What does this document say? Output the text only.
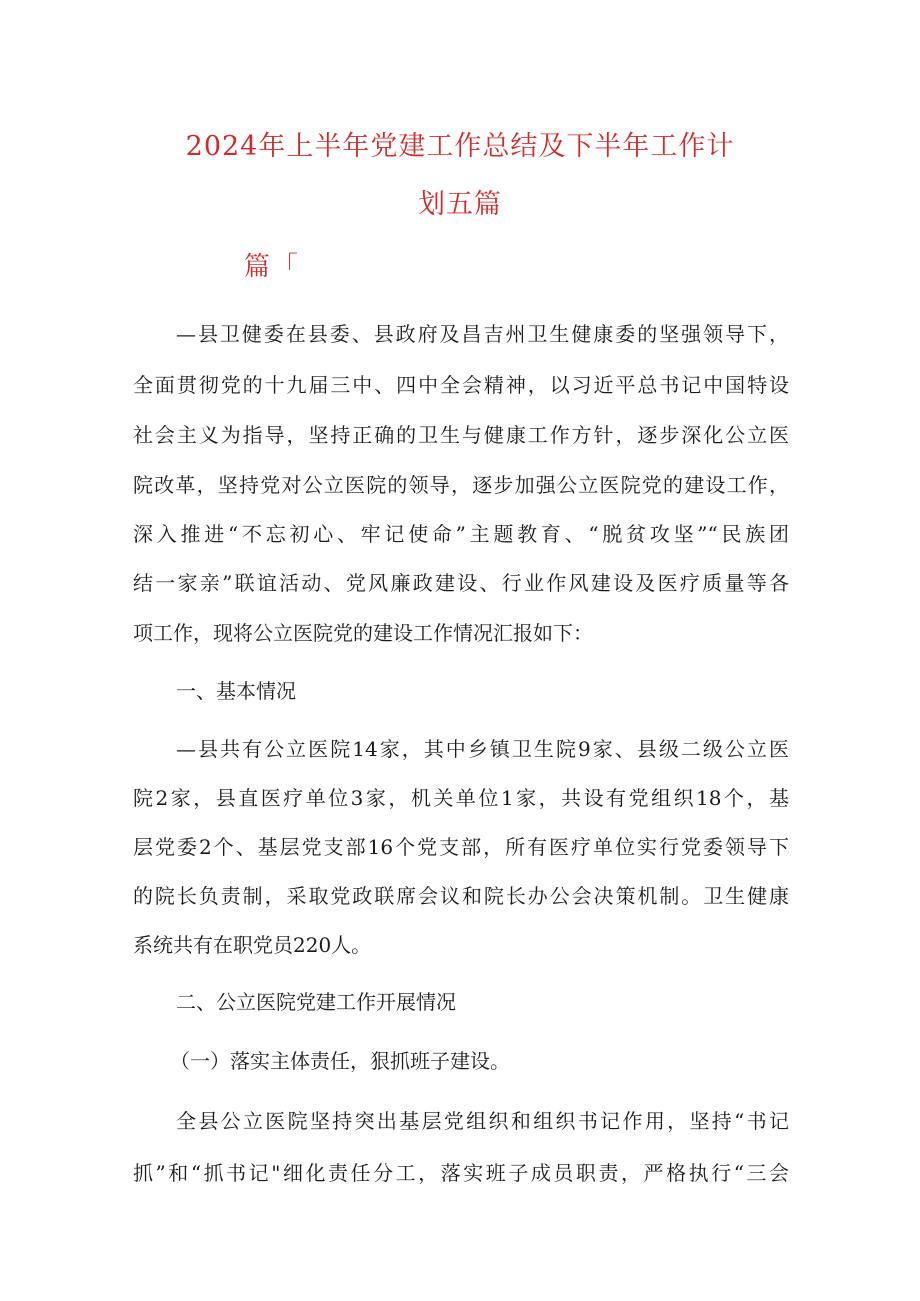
2024年上半年党建工作总结及下半年工作计
划五篇
篇「

—县卫健委在县委、县政府及昌吉州卫生健康委的坚强领导下，

全面贯彻党的十九届三中、四中全会精神，以习近平总书记中国特设

社会主义为指导，坚持正确的卫生与健康工作方针，逐步深化公立医

院改革，坚持党对公立医院的领导，逐步加强公立医院党的建设工作，

深入推进“不忘初心、牢记使命”主题教育、“脱贫攻坚”“民族团

结一家亲”联谊活动、党风廉政建设、行业作风建设及医疗质量等各

项工作，现将公立医院党的建设工作情况汇报如下：

一、基本情况

—县共有公立医院14家，其中乡镇卫生院9家、县级二级公立医

院2家，县直医疗单位3家，机关单位1家，共设有党组织18个，基

层党委2个、基层党支部16个党支部，所有医疗单位实行党委领导下

的院长负责制，采取党政联席会议和院长办公会决策机制。卫生健康

系统共有在职党员220人。

二、公立医院党建工作开展情况

（一）落实主体责任，狠抓班子建设。

全县公立医院坚持突出基层党组织和组织书记作用，坚持“书记

抓”和“抓书记"细化责任分工，落实班子成员职责，严格执行“三会
